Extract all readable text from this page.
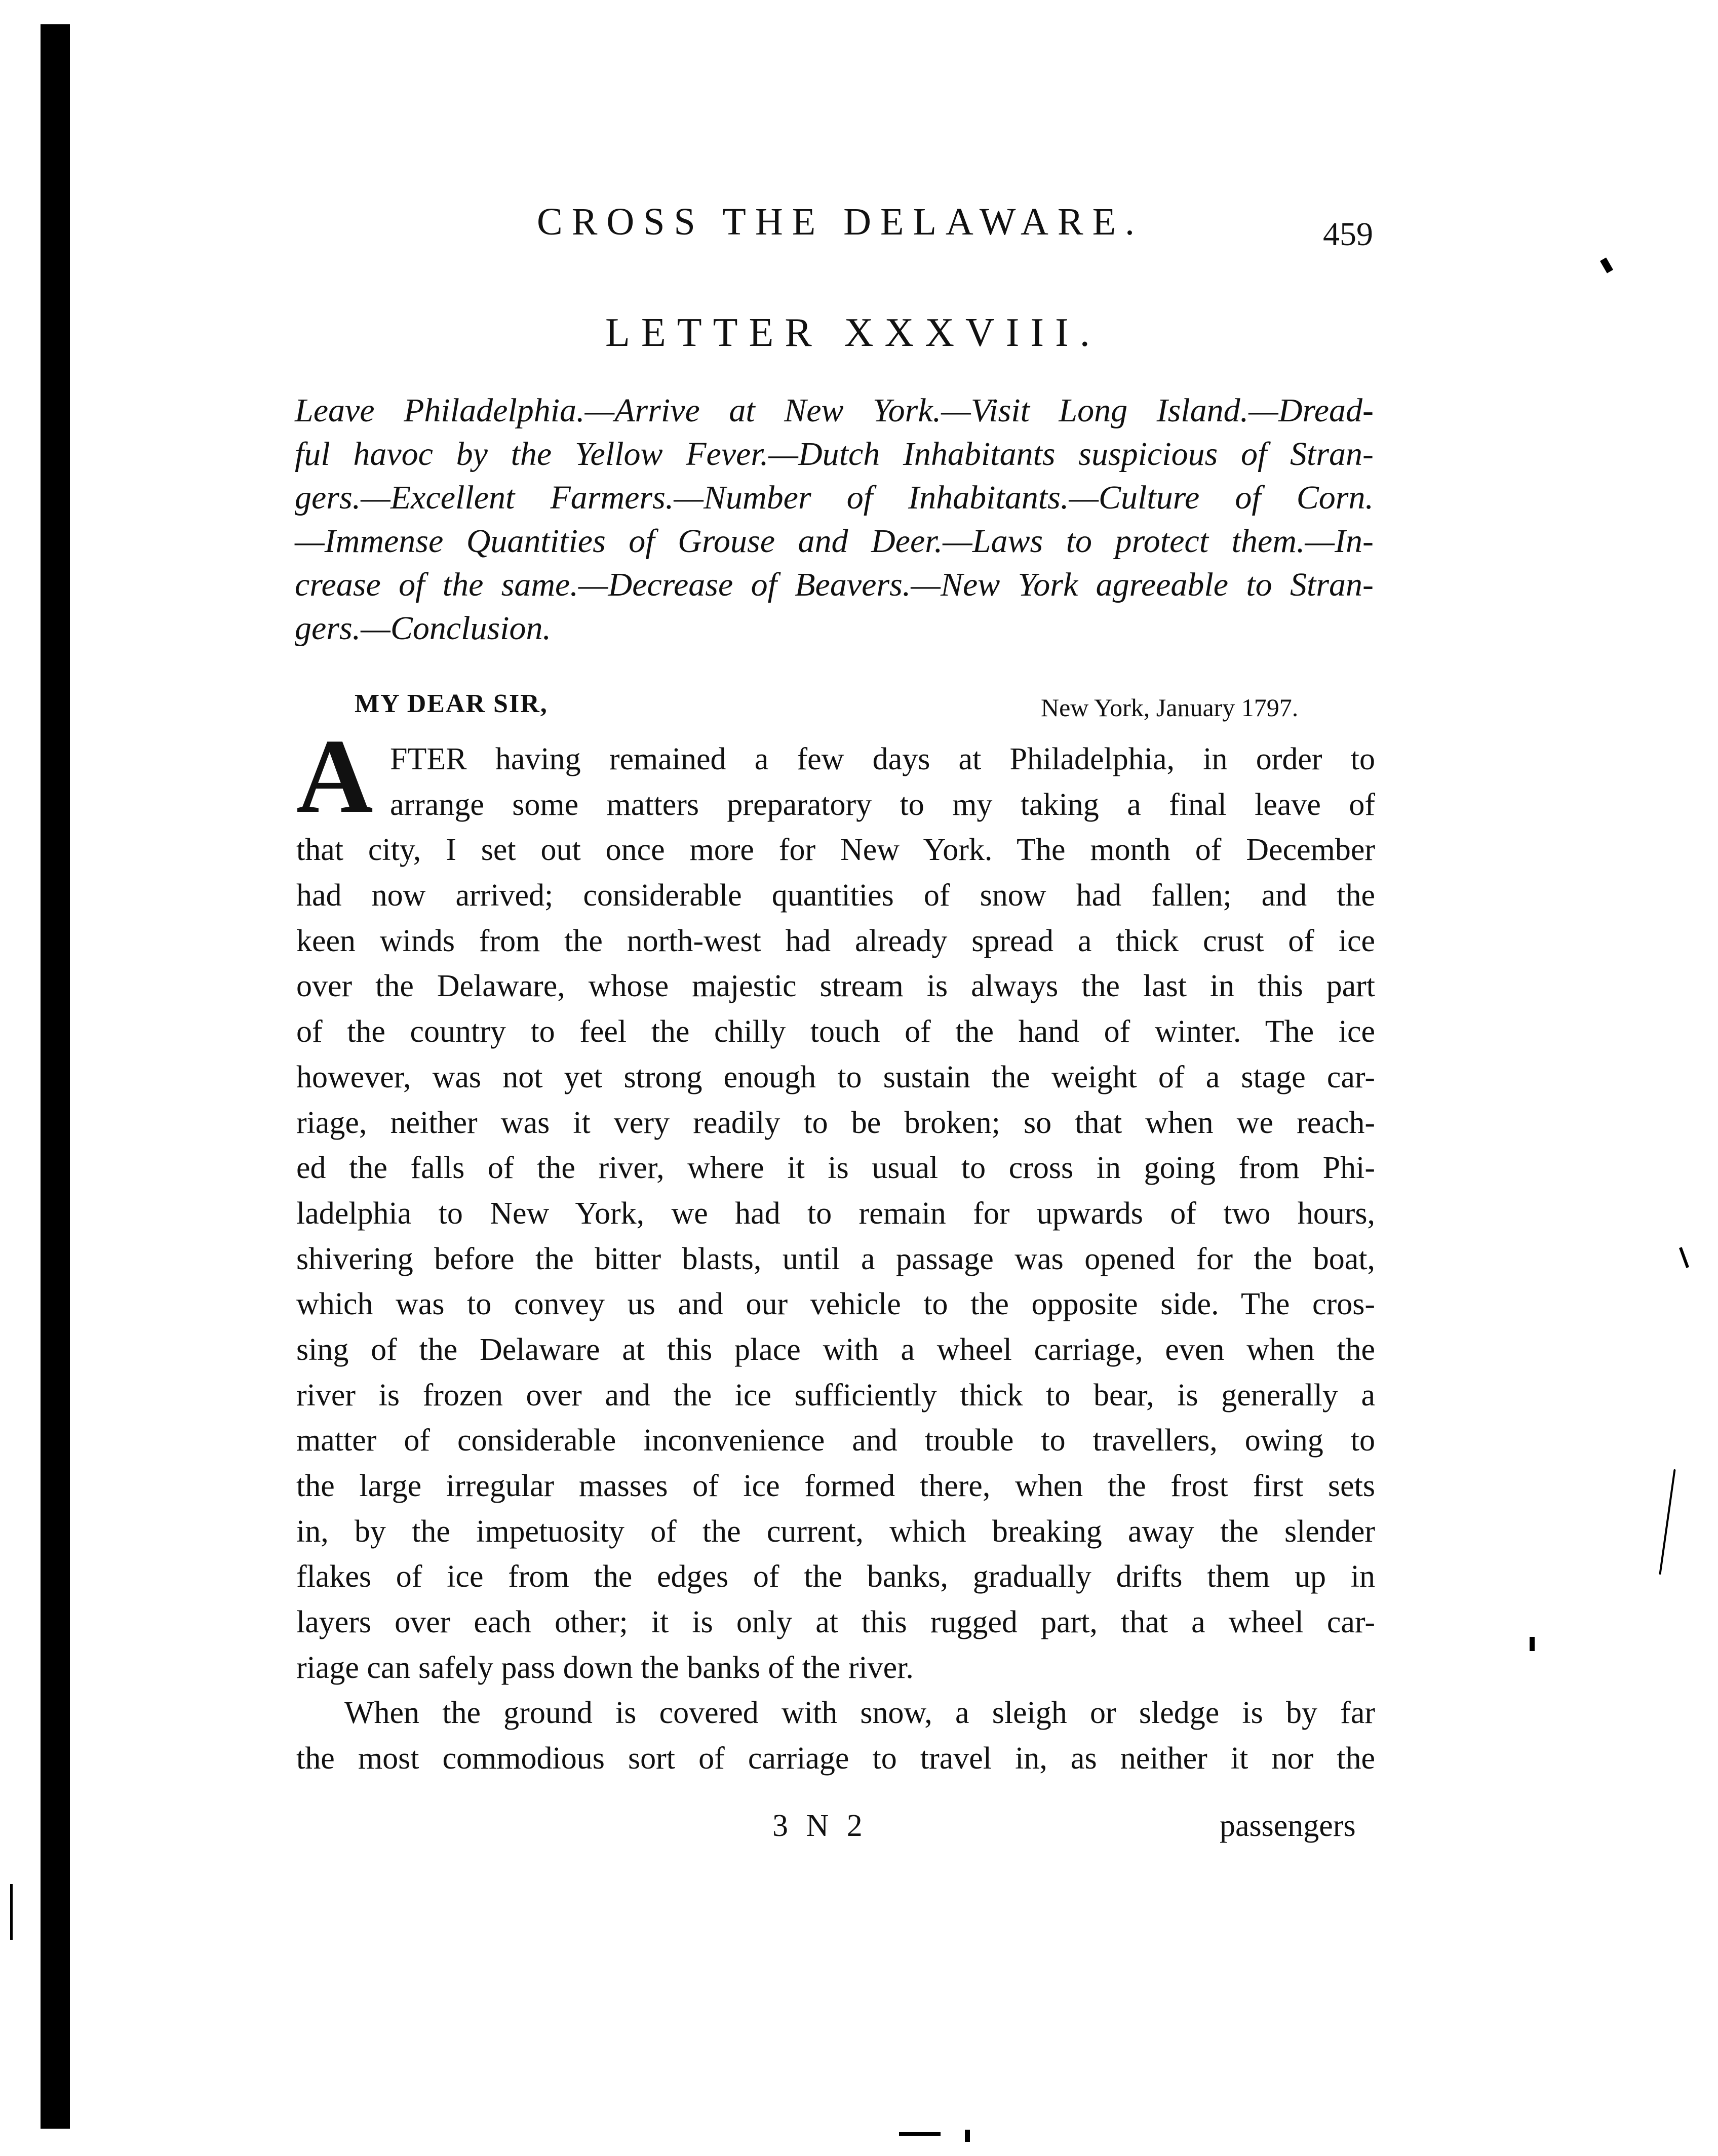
CROSS THE DELAWARE.	459
LETTER XXXVIII.
Leave Philadelphia.—Arrive at New York.—Visit Long Island.—Dread-
ful havoc by the Yellow Fever.—Dutch Inhabitants suspicious of Stran-
gers.—Excellent Farmers.—Number of Inhabitants.—Culture of Corn.
—Immense Quantities of Grouse and Deer.—Laws to protect them.—In-
crease of the same.—Decrease of Beavers.—New York agreeable to Stran-
gers.—Conclusion.
MY DEAR SIR,	New York, January 1797.
A FTER having remained a few days at Philadelphia, in order to
arrange some matters preparatory to my taking a final leave of
that city, I set out once more for New York. The month of December
had now arrived; considerable quantities of snow had fallen; and the
keen winds from the north-west had already spread a thick crust of ice
over the Delaware, whose majestic stream is always the last in this part
of the country to feel the chilly touch of the hand of winter. The ice
however, was not yet strong enough to sustain the weight of a stage car-
riage, neither was it very readily to be broken; so that when we reach-
ed the falls of the river, where it is usual to cross in going from Phi-
ladelphia to New York, we had to remain for upwards of two hours,
shivering before the bitter blasts, until a passage was opened for the boat,
which was to convey us and our vehicle to the opposite side. The cros-
sing of the Delaware at this place with a wheel carriage, even when the
river is frozen over and the ice sufficiently thick to bear, is generally a
matter of considerable inconvenience and trouble to travellers, owing to
the large irregular masses of ice formed there, when the frost first sets
in, by the impetuosity of the current, which breaking away the slender
flakes of ice from the edges of the banks, gradually drifts them up in
layers over each other; it is only at this rugged part, that a wheel car-
riage can safely pass down the banks of the river.
When the ground is covered with snow, a sleigh or sledge is by far
the most commodious sort of carriage to travel in, as neither it nor the
3 N 2	passengers
